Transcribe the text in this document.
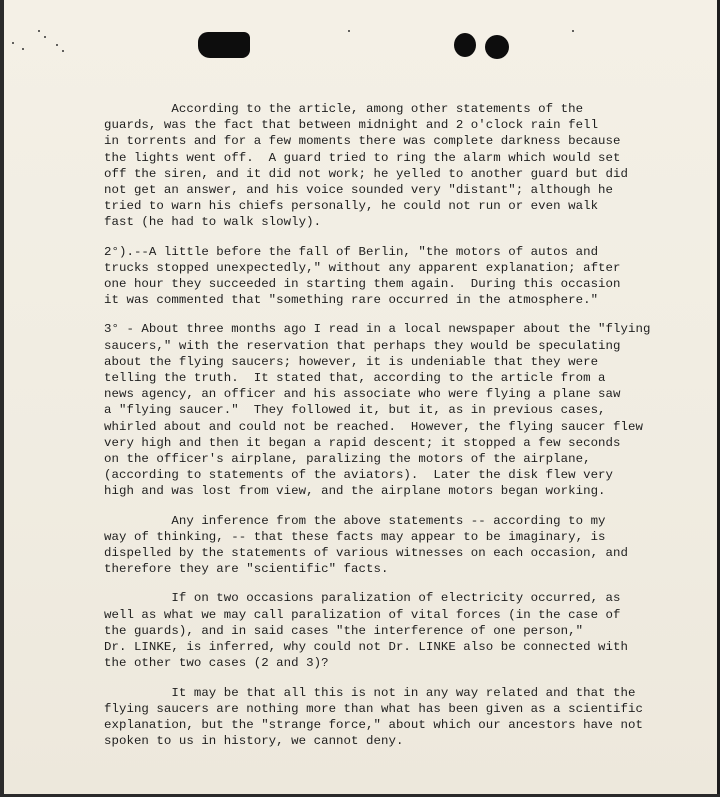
According to the article, among other statements of the
guards, was the fact that between midnight and 2 o'clock rain fell
in torrents and for a few moments there was complete darkness because
the lights went off.  A guard tried to ring the alarm which would set
off the siren, and it did not work; he yelled to another guard but did
not get an answer, and his voice sounded very "distant"; although he
tried to warn his chiefs personally, he could not run or even walk
fast (he had to walk slowly).
2°).--A little before the fall of Berlin, "the motors of autos and
trucks stopped unexpectedly," without any apparent explanation; after
one hour they succeeded in starting them again.  During this occasion
it was commented that "something rare occurred in the atmosphere."
3° - About three months ago I read in a local newspaper about the "flying
saucers," with the reservation that perhaps they would be speculating
about the flying saucers; however, it is undeniable that they were
telling the truth.  It stated that, according to the article from a
news agency, an officer and his associate who were flying a plane saw
a "flying saucer."  They followed it, but it, as in previous cases,
whirled about and could not be reached.  However, the flying saucer flew
very high and then it began a rapid descent; it stopped a few seconds
on the officer's airplane, paralizing the motors of the airplane,
(according to statements of the aviators).  Later the disk flew very
high and was lost from view, and the airplane motors began working.
Any inference from the above statements -- according to my
way of thinking, -- that these facts may appear to be imaginary, is
dispelled by the statements of various witnesses on each occasion, and
therefore they are "scientific" facts.
If on two occasions paralization of electricity occurred, as
well as what we may call paralization of vital forces (in the case of
the guards), and in said cases "the interference of one person,"
Dr. LINKE, is inferred, why could not Dr. LINKE also be connected with
the other two cases (2 and 3)?
It may be that all this is not in any way related and that the
flying saucers are nothing more than what has been given as a scientific
explanation, but the "strange force," about which our ancestors have not
spoken to us in history, we cannot deny.
